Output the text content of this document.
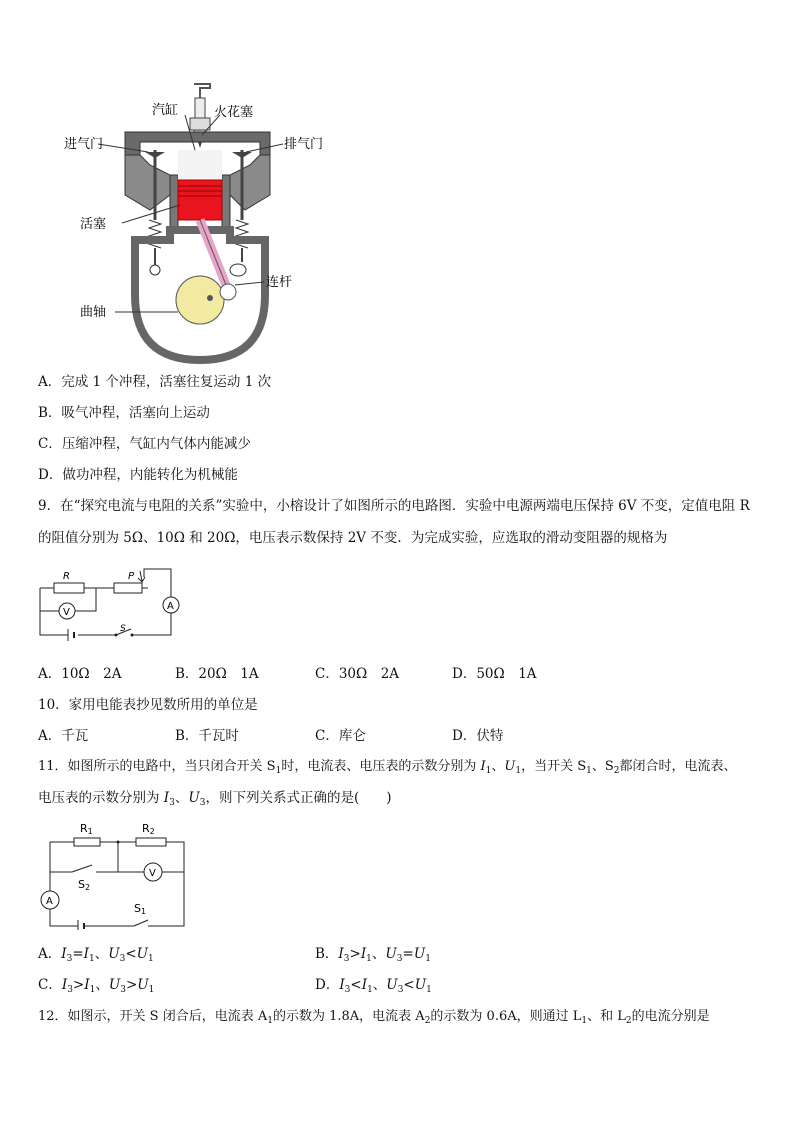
汽缸	火花塞
进气门	排气门
活塞
连杆
曲轴
A．完成 1 个冲程，活塞往复运动 1 次
B．吸气冲程，活塞向上运动
C．压缩冲程，气缸内气体内能减少
D．做功冲程，内能转化为机械能
9．在“探究电流与电阻的关系”实验中，小榕设计了如图所示的电路图．实验中电源两端电压保持 6V 不变，定值电阻 R
的阻值分别为 5Ω、10Ω 和 20Ω，电压表示数保持 2V 不变．为完成实验，应选取的滑动变阻器的规格为
R	P
V
A
S
A．10Ω　2A	B．20Ω　1A	C．30Ω　2A	D．50Ω　1A
10．家用电能表抄见数所用的单位是
A．千瓦	B．千瓦时	C．库仑	D．伏特
11．如图所示的电路中，当只闭合开关 $S_1$时，电流表、电压表的示数分别为 $I_1$、$U_1$，当开关 $S_1$、$S_2$都闭合时，电流表、
电压表的示数分别为 $I_3$、$U_3$，则下列关系式正确的是(　　)
R1	R2
S2
S1
V
A
A．$I_3=I_1$、$U_3<U_1$	B．$I_3>I_1$、$U_3=U_1$
C．$I_3>I_1$、$U_3>U_1$	D．$I_3<I_1$、$U_3<U_1$
12．如图示，开关 S 闭合后，电流表 $A_1$的示数为 1.8A，电流表 $A_2$的示数为 0.6A，则通过 $L_1$、和 $L_2$的电流分别是
